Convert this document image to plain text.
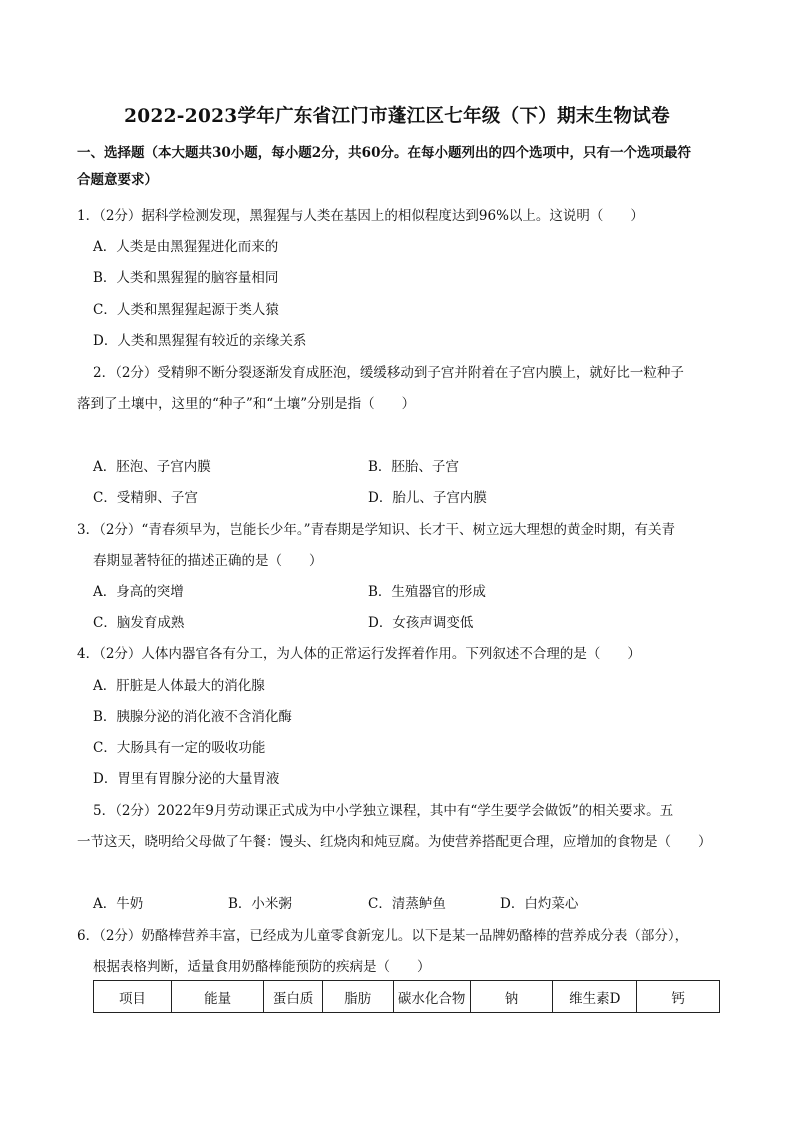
2022-2023学年广东省江门市蓬江区七年级（下）期末生物试卷
一、选择题（本大题共30小题，每小题2分，共60分。在每小题列出的四个选项中，只有一个选项最符
合题意要求）
1．（2分）据科学检测发现，黑猩猩与人类在基因上的相似程度达到96%以上。这说明（　　）
A．人类是由黑猩猩进化而来的
B．人类和黑猩猩的脑容量相同
C．人类和黑猩猩起源于类人猿
D．人类和黑猩猩有较近的亲缘关系
2．（2分）受精卵不断分裂逐渐发育成胚泡，缓缓移动到子宫并附着在子宫内膜上，就好比一粒种子
落到了土壤中，这里的“种子”和“土壤”分别是指（　　）
A．胚泡、子宫内膜	B．胚胎、子宫
C．受精卵、子宫	D．胎儿、子宫内膜
3．（2分）“青春须早为，岂能长少年。”青春期是学知识、长才干、树立远大理想的黄金时期，有关青
春期显著特征的描述正确的是（　　）
A．身高的突增	B．生殖器官的形成
C．脑发育成熟	D．女孩声调变低
4．（2分）人体内器官各有分工，为人体的正常运行发挥着作用。下列叙述不合理的是（　　）
A．肝脏是人体最大的消化腺
B．胰腺分泌的消化液不含消化酶
C．大肠具有一定的吸收功能
D．胃里有胃腺分泌的大量胃液
5．（2分）2022年9月劳动课正式成为中小学独立课程，其中有“学生要学会做饭”的相关要求。五
一节这天，晓明给父母做了午餐：馒头、红烧肉和炖豆腐。为使营养搭配更合理，应增加的食物是（　　）
A．牛奶	B．小米粥	C．清蒸鲈鱼	D．白灼菜心
6．（2分）奶酪棒营养丰富，已经成为儿童零食新宠儿。以下是某一品牌奶酪棒的营养成分表（部分），
根据表格判断，适量食用奶酪棒能预防的疾病是（　　）
项目	能量	蛋白质	脂肪	碳水化合物	钠	维生素D	钙
